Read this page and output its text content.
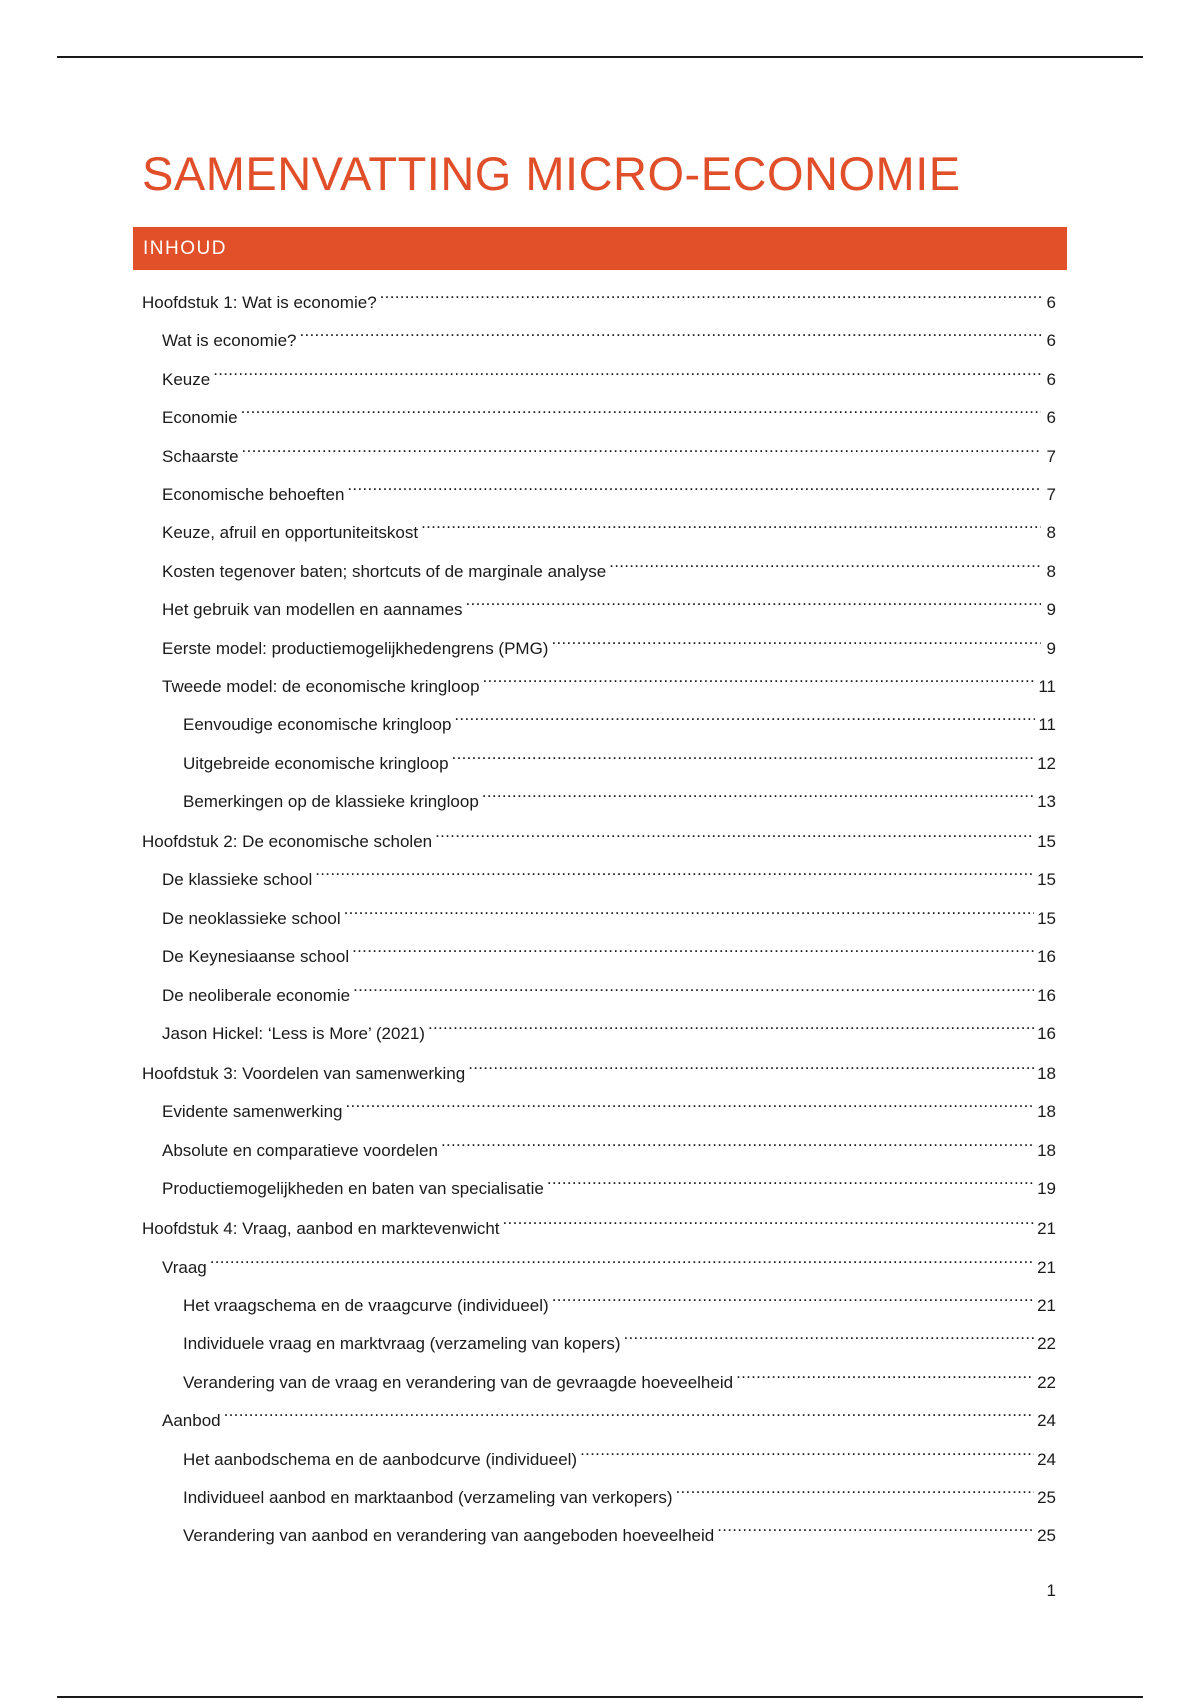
SAMENVATTING MICRO-ECONOMIE
INHOUD
Hoofdstuk 1: Wat is economie? .....	6
Wat is economie? .....	6
Keuze .....	6
Economie .....	6
Schaarste .....	7
Economische behoeften .....	7
Keuze, afruil en opportuniteitskost .....	8
Kosten tegenover baten; shortcuts of de marginale analyse .....	8
Het gebruik van modellen en aannames .....	9
Eerste model: productiemogelijkhedengrens (PMG) .....	9
Tweede model: de economische kringloop .....	11
Eenvoudige economische kringloop .....	11
Uitgebreide economische kringloop .....	12
Bemerkingen op de klassieke kringloop .....	13
Hoofdstuk 2: De economische scholen .....	15
De klassieke school .....	15
De neoklassieke school .....	15
De Keynesiaanse school .....	16
De neoliberale economie .....	16
Jason Hickel: ‘Less is More’ (2021) .....	16
Hoofdstuk 3: Voordelen van samenwerking .....	18
Evidente samenwerking .....	18
Absolute en comparatieve voordelen .....	18
Productiemogelijkheden en baten van specialisatie .....	19
Hoofdstuk 4: Vraag, aanbod en marktevenwicht .....	21
Vraag .....	21
Het vraagschema en de vraagcurve (individueel) .....	21
Individuele vraag en marktvraag (verzameling van kopers) .....	22
Verandering van de vraag en verandering van de gevraagde hoeveelheid .....	22
Aanbod .....	24
Het aanbodschema en de aanbodcurve (individueel) .....	24
Individueel aanbod en marktaanbod (verzameling van verkopers) .....	25
Verandering van aanbod en verandering van aangeboden hoeveelheid .....	25
1
